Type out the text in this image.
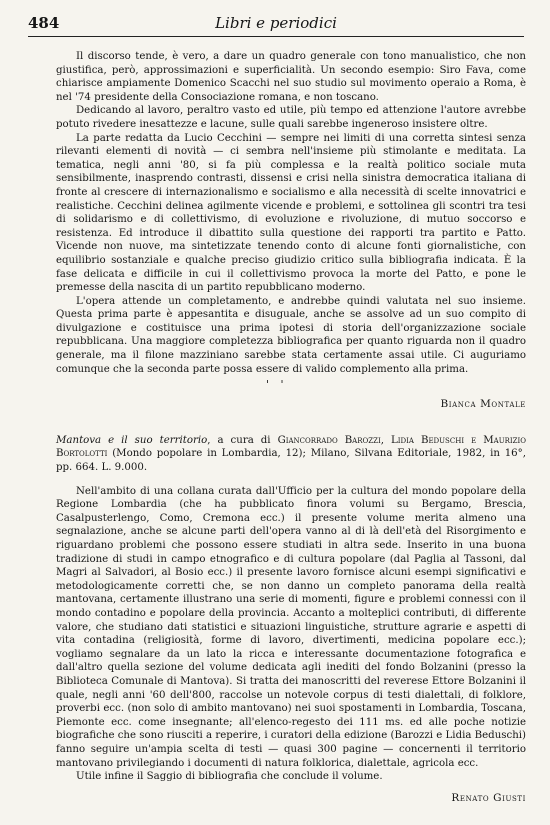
484	Libri e periodici

Il discorso tende, è vero, a dare un quadro generale con tono manualistico, che non giustifica, però, approssimazioni e superficialità. Un secondo esempio: Siro Fava, come chiarisce ampiamente Domenico Scacchi nel suo studio sul movimento operaio a Roma, è nel '74 presidente della Consociazione romana, e non toscano.

Dedicando al lavoro, peraltro vasto ed utile, più tempo ed attenzione l'autore avrebbe potuto rivedere inesattezze e lacune, sulle quali sarebbe ingeneroso insistere oltre.

La parte redatta da Lucio Cecchini — sempre nei limiti di una corretta sintesi senza rilevanti elementi di novità — ci sembra nell'insieme più stimolante e meditata. La tematica, negli anni '80, si fa più complessa e la realtà politico sociale muta sensibilmente, inasprendo contrasti, dissensi e crisi nella sinistra democratica italiana di fronte al crescere di internazionalismo e socialismo e alla necessità di scelte innovatrici e realistiche. Cecchini delinea agilmente vicende e problemi, e sottolinea gli scontri tra tesi di solidarismo e di collettivismo, di evoluzione e rivoluzione, di mutuo soccorso e resistenza. Ed introduce il dibattito sulla questione dei rapporti tra partito e Patto. Vicende non nuove, ma sintetizzate tenendo conto di alcune fonti giornalistiche, con equilibrio sostanziale e qualche preciso giudizio critico sulla bibliografia indicata. È la fase delicata e difficile in cui il collettivismo provoca la morte del Patto, e pone le premesse della nascita di un partito repubblicano moderno.

L'opera attende un completamento, e andrebbe quindi valutata nel suo insieme. Questa prima parte è appesantita e disuguale, anche se assolve ad un suo compito di divulgazione e costituisce una prima ipotesi di storia dell'organizzazione sociale repubblicana. Una maggiore completezza bibliografica per quanto riguarda non il quadro generale, ma il filone mazziniano sarebbe stata certamente assai utile. Ci auguriamo comunque che la seconda parte possa essere di valido complemento alla prima.

' '
Bianca Montale

Mantova e il suo territorio, a cura di Giancorrado Barozzi, Lidia Beduschi e Maurizio Bortolotti (Mondo popolare in Lombardia, 12); Milano, Silvana Editoriale, 1982, in 16°, pp. 664. L. 9.000.

Nell'ambito di una collana curata dall'Ufficio per la cultura del mondo popolare della Regione Lombardia (che ha pubblicato finora volumi su Bergamo, Brescia, Casalpusterlengo, Como, Cremona ecc.) il presente volume merita almeno una segnalazione, anche se alcune parti dell'opera vanno al di là dell'età del Risorgimento e riguardano problemi che possono essere studiati in altra sede. Inserito in una buona tradizione di studi in campo etnografico e di cultura popolare (dal Paglia al Tassoni, dal Magri al Salvadori, al Bosio ecc.) il presente lavoro fornisce alcuni esempi significativi e metodologicamente corretti che, se non danno un completo panorama della realtà mantovana, certamente illustrano una serie di momenti, figure e problemi connessi con il mondo contadino e popolare della provincia. Accanto a molteplici contributi, di differente valore, che studiano dati statistici e situazioni linguistiche, strutture agrarie e aspetti di vita contadina (religiosità, forme di lavoro, divertimenti, medicina popolare ecc.); vogliamo segnalare da un lato la ricca e interessante documentazione fotografica e dall'altro quella sezione del volume dedicata agli inediti del fondo Bolzanini (presso la Biblioteca Comunale di Mantova). Si tratta dei manoscritti del reverese Ettore Bolzanini il quale, negli anni '60 dell'800, raccolse un notevole corpus di testi dialettali, di folklore, proverbi ecc. (non solo di ambito mantovano) nei suoi spostamenti in Lombardia, Toscana, Piemonte ecc. come insegnante; all'elenco-regesto dei 111 ms. ed alle poche notizie biografiche che sono riusciti a reperire, i curatori della edizione (Barozzi e Lidia Beduschi) fanno seguire un'ampia scelta di testi — quasi 300 pagine — concernenti il territorio mantovano privilegiando i documenti di natura folklorica, dialettale, agricola ecc.

Utile infine il Saggio di bibliografia che conclude il volume.

Renato Giusti
